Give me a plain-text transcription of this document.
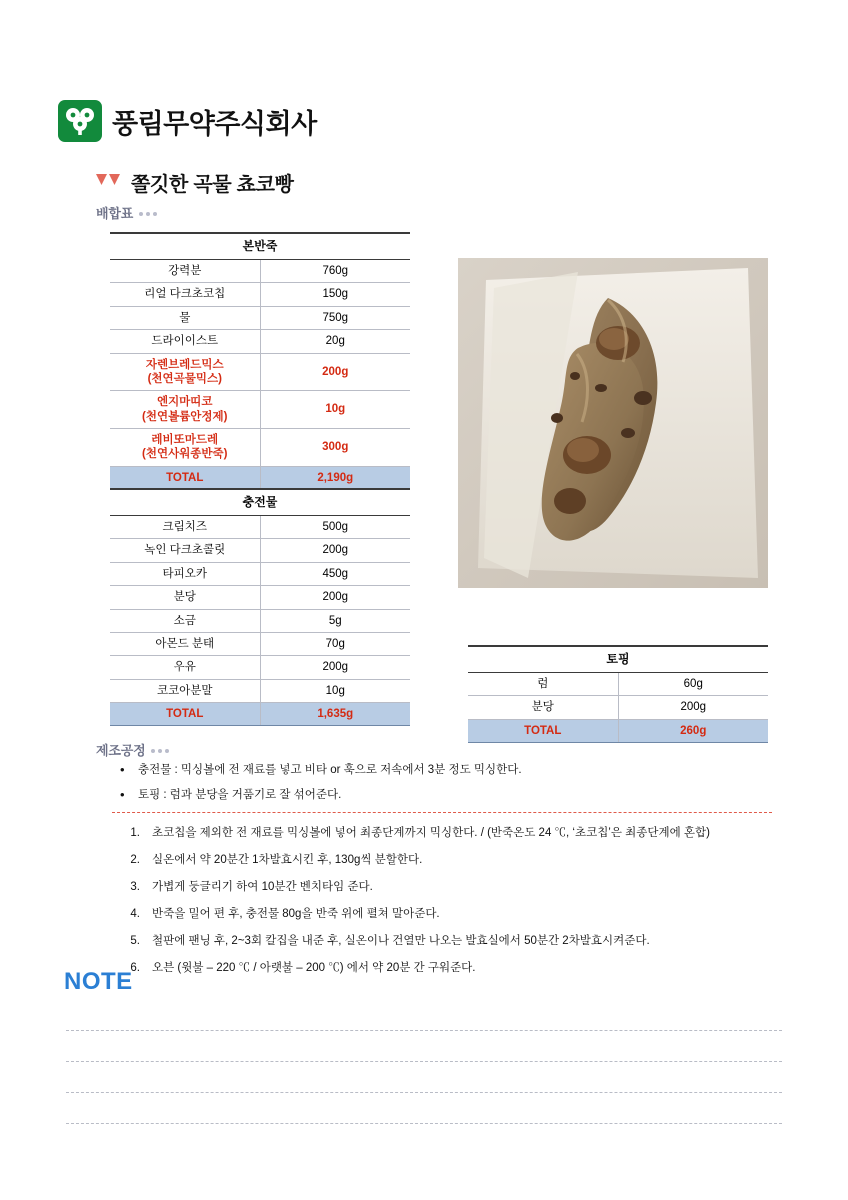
풍림무약주식회사
쫄깃한 곡물 쵸코빵
배합표
본반죽	
강력분	760g
리얼 다크초코칩	150g
물	750g
드라이이스트	20g
자렌브레드믹스
(천연곡물믹스)	200g
엔지마띠코
(천연볼륨안정제)	10g
레비또마드레
(천연사워종반죽)	300g
TOTAL	2,190g
충전물	
크림치즈	500g
녹인 다크초콜릿	200g
타피오카	450g
분당	200g
소금	5g
아몬드 분태	70g
우유	200g
코코아분말	10g
TOTAL	1,635g
토핑	
럼	60g
분당	200g
TOTAL	260g
제조공정
• 충전물 : 믹싱볼에 전 재료를 넣고 비타 or 훅으로 저속에서 3분 정도 믹싱한다.
• 토핑 : 럼과 분당을 거품기로 잘 섞어준다.
1. 초코칩을 제외한 전 재료를 믹싱볼에 넣어 최종단계까지 믹싱한다. / (반죽온도 24 ℃, ‘초코칩’은 최종단계에 혼합)
2. 실온에서 약 20분간 1차발효시킨 후, 130g씩 분할한다.
3. 가볍게 둥글리기 하여 10분간 벤치타임 준다.
4. 반죽을 밀어 편 후, 충전물 80g을 반죽 위에 펼쳐 말아준다.
5. 철판에 팬닝 후, 2~3회 칼집을 내준 후, 실온이나 건열만 나오는 발효실에서 50분간 2차발효시켜준다.
6. 오븐 (윗불 – 220 ℃ / 아랫불 – 200 ℃) 에서 약 20분 간 구워준다.
NOTE
